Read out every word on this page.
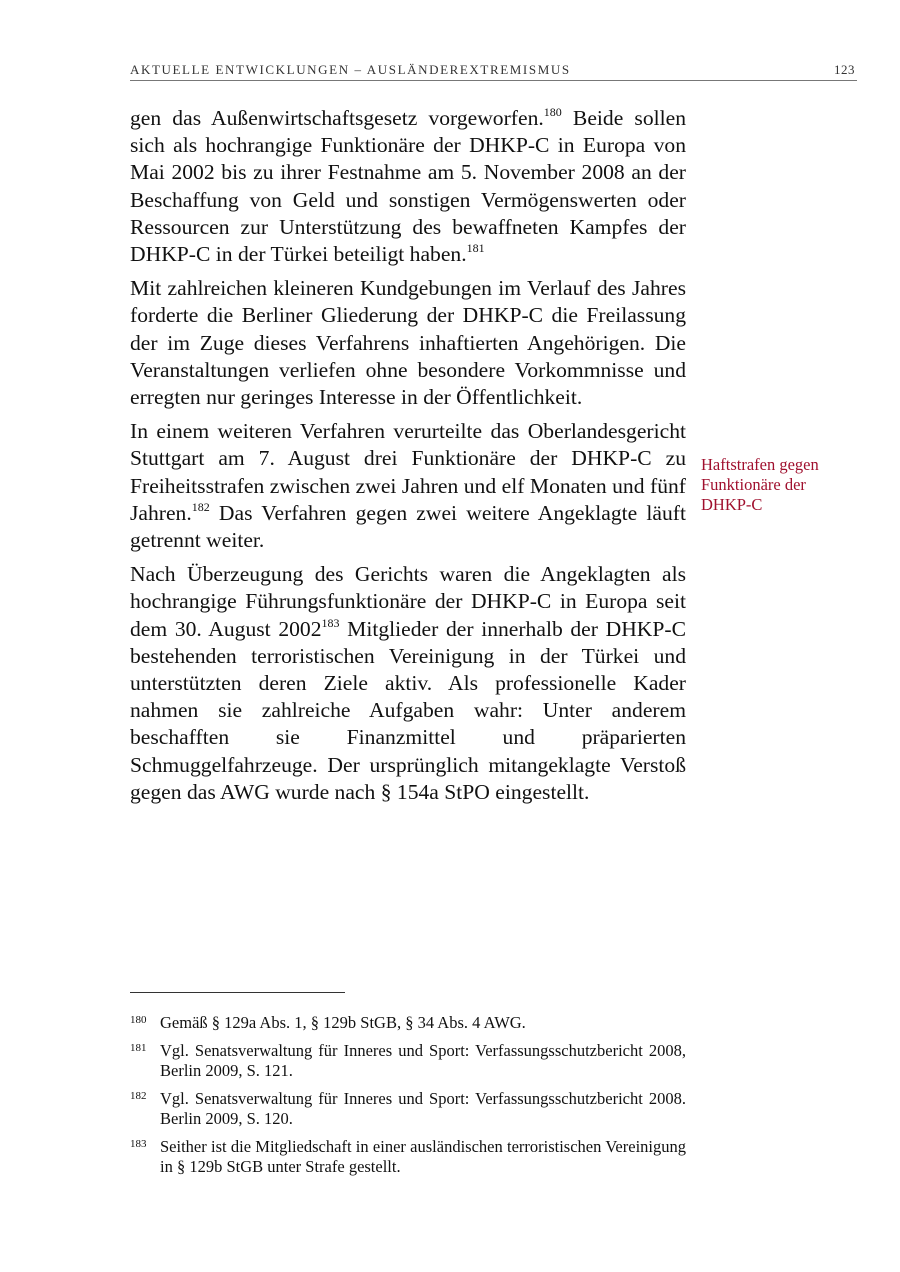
AKTUELLE ENTWICKLUNGEN – AUSLÄNDEREXTREMISMUS	123

gen das Außenwirtschaftsgesetz vorgeworfen.$^{180}$ Beide sollen sich als hochrangige Funktionäre der DHKP-C in Europa von Mai 2002 bis zu ihrer Festnahme am 5. November 2008 an der Beschaffung von Geld und sonstigen Vermögenswerten oder Ressourcen zur Unterstützung des bewaffneten Kampfes der DHKP-C in der Türkei beteiligt haben.$^{181}$

Mit zahlreichen kleineren Kundgebungen im Verlauf des Jahres forderte die Berliner Gliederung der DHKP-C die Freilassung der im Zuge dieses Verfahrens inhaftierten Angehörigen. Die Veranstaltungen verliefen ohne besondere Vorkommnisse und erregten nur geringes Interesse in der Öffentlichkeit.

In einem weiteren Verfahren verurteilte das Oberlandesgericht Stuttgart am 7. August drei Funktionäre der DHKP-C zu Freiheitsstrafen zwischen zwei Jahren und elf Monaten und fünf Jahren.$^{182}$ Das Verfahren gegen zwei weitere Angeklagte läuft getrennt weiter.

Nach Überzeugung des Gerichts waren die Angeklagten als hochrangige Führungsfunktionäre der DHKP-C in Europa seit dem 30. August 2002$^{183}$ Mitglieder der innerhalb der DHKP-C bestehenden terroristischen Vereinigung in der Türkei und unterstützten deren Ziele aktiv. Als professionelle Kader nahmen sie zahlreiche Aufgaben wahr: Unter anderem beschafften sie Finanzmittel und präparierten Schmuggelfahrzeuge. Der ursprünglich mitangeklagte Verstoß gegen das AWG wurde nach § 154a StPO eingestellt.

Haftstrafen gegen
Funktionäre der
DHKP-C
180 Gemäß § 129a Abs. 1, § 129b StGB, § 34 Abs. 4 AWG.
181 Vgl. Senatsverwaltung für Inneres und Sport: Verfassungsschutzbericht 2008, Berlin 2009, S. 121.
182 Vgl. Senatsverwaltung für Inneres und Sport: Verfassungsschutzbericht 2008. Berlin 2009, S. 120.
183 Seither ist die Mitgliedschaft in einer ausländischen terroristischen Vereinigung in § 129b StGB unter Strafe gestellt.
